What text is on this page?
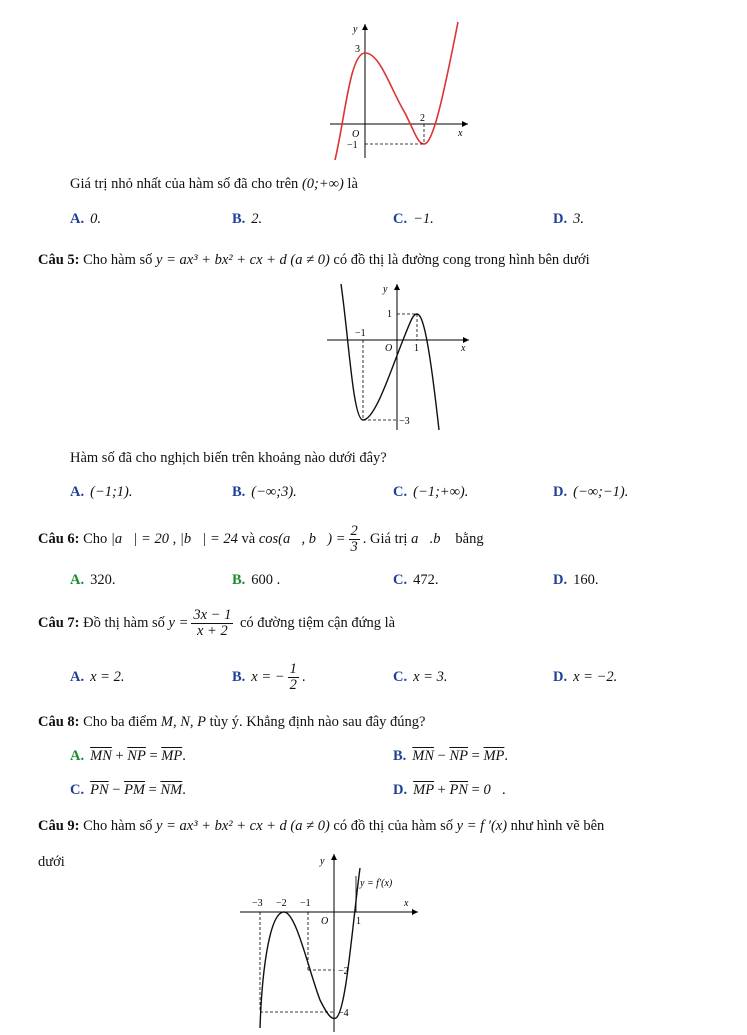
y
x
O
3
2
−1
Giá trị nhỏ nhất của hàm số đã cho trên (0;+∞) là
A. 0.	B. 2.	C. −1.	D. 3.
Câu 5: Cho hàm số y = ax³ + bx² + cx + d (a ≠ 0) có đồ thị là đường cong trong hình bên dưới
y
x
O
1
−1
1
−3
Hàm số đã cho nghịch biến trên khoảng nào dưới đây?
A. (−1;1).	B. (−∞;3).	C. (−1;+∞).	D. (−∞;−1).
Câu 6: Cho |a⃗| = 20 , |b⃗| = 24 và cos(a⃗, b⃗) = $\frac{2}{3}$ . Giá trị a⃗.b⃗ bằng
A. 320.	B. 600 .	C. 472.	D. 160.
Câu 7: Đồ thị hàm số $y = \frac{3x - 1}{x + 2}$ có đường tiệm cận đứng là
A. x = 2.	B. x = − $\frac{1}{2}$ .	C. x = 3.	D. x = −2.
Câu 8: Cho ba điểm M, N, P tùy ý. Khẳng định nào sau đây đúng?
A. $\overline{MN} + \overline{NP} = \overline{MP}$.	B. $\overline{MN} - \overline{NP} = \overline{MP}$.
C. $\overline{PN} - \overline{PM} = \overline{NM}$.	D. $\overline{MP} + \overline{PN}$ = 0⃗.
Câu 9: Cho hàm số y = ax³ + bx² + cx + d (a ≠ 0) có đồ thị của hàm số y = f ′(x) như hình vẽ bên
dưới	y
x
O
y = f′(x)
−3 −2 −1
1
−2
−4
